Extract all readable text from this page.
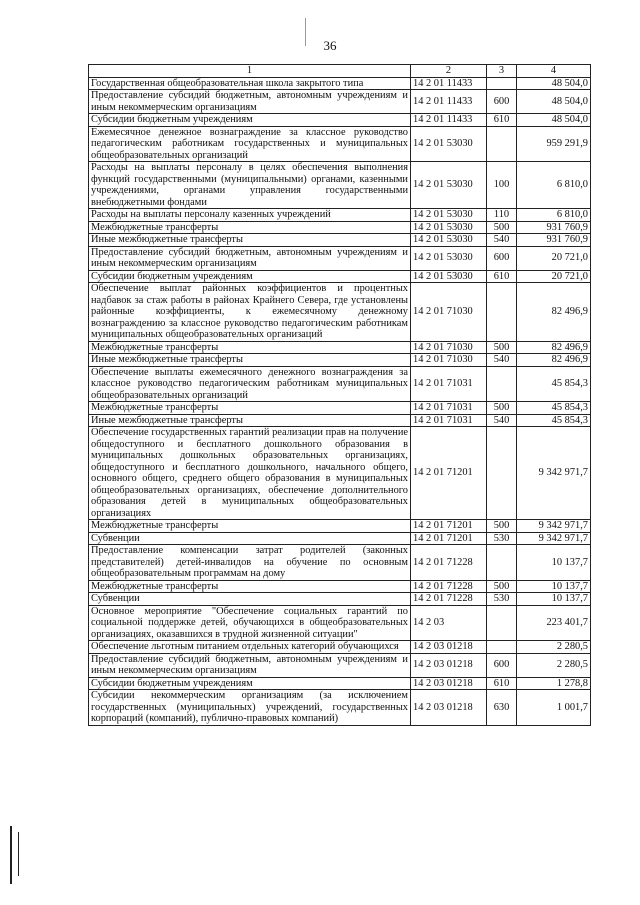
36
1	2	3	4
Государственная общеобразовательная школа закрытого типа	14 2 01 11433		48 504,0
Предоставление субсидий бюджетным, автономным учреждениям и иным некоммерческим организациям	14 2 01 11433	600	48 504,0
Субсидии бюджетным учреждениям	14 2 01 11433	610	48 504,0
Ежемесячное денежное вознаграждение за классное руководство педагогическим работникам государственных и муниципальных общеобразовательных организаций	14 2 01 53030		959 291,9
Расходы на выплаты персоналу в целях обеспечения выполнения функций государственными (муниципальными) органами, казенными учреждениями, органами управления государственными внебюджетными фондами	14 2 01 53030	100	6 810,0
Расходы на выплаты персоналу казенных учреждений	14 2 01 53030	110	6 810,0
Межбюджетные трансферты	14 2 01 53030	500	931 760,9
Иные межбюджетные трансферты	14 2 01 53030	540	931 760,9
Предоставление субсидий бюджетным, автономным учреждениям и иным некоммерческим организациям	14 2 01 53030	600	20 721,0
Субсидии бюджетным учреждениям	14 2 01 53030	610	20 721,0
Обеспечение выплат районных коэффициентов и процентных надбавок за стаж работы в районах Крайнего Севера, где установлены районные коэффициенты, к ежемесячному денежному вознаграждению за классное руководство педагогическим работникам муниципальных общеобразовательных организаций	14 2 01 71030		82 496,9
Межбюджетные трансферты	14 2 01 71030	500	82 496,9
Иные межбюджетные трансферты	14 2 01 71030	540	82 496,9
Обеспечение выплаты ежемесячного денежного вознаграждения за классное руководство педагогическим работникам муниципальных общеобразовательных организаций	14 2 01 71031		45 854,3
Межбюджетные трансферты	14 2 01 71031	500	45 854,3
Иные межбюджетные трансферты	14 2 01 71031	540	45 854,3
Обеспечение государственных гарантий реализации прав на получение общедоступного и бесплатного дошкольного образования в муниципальных дошкольных образовательных организациях, общедоступного и бесплатного дошкольного, начального общего, основного общего, среднего общего образования в муниципальных общеобразовательных организациях, обеспечение дополнительного образования детей в муниципальных общеобразовательных организациях	14 2 01 71201		9 342 971,7
Межбюджетные трансферты	14 2 01 71201	500	9 342 971,7
Субвенции	14 2 01 71201	530	9 342 971,7
Предоставление компенсации затрат родителей (законных представителей) детей-инвалидов на обучение по основным общеобразовательным программам на дому	14 2 01 71228		10 137,7
Межбюджетные трансферты	14 2 01 71228	500	10 137,7
Субвенции	14 2 01 71228	530	10 137,7
Основное мероприятие "Обеспечение социальных гарантий по социальной поддержке детей, обучающихся в общеобразовательных организациях, оказавшихся в трудной жизненной ситуации"	14 2 03		223 401,7
Обеспечение льготным питанием отдельных категорий обучающихся	14 2 03 01218		2 280,5
Предоставление субсидий бюджетным, автономным учреждениям и иным некоммерческим организациям	14 2 03 01218	600	2 280,5
Субсидии бюджетным учреждениям	14 2 03 01218	610	1 278,8
Субсидии некоммерческим организациям (за исключением государственных (муниципальных) учреждений, государственных корпораций (компаний), публично-правовых компаний)	14 2 03 01218	630	1 001,7
